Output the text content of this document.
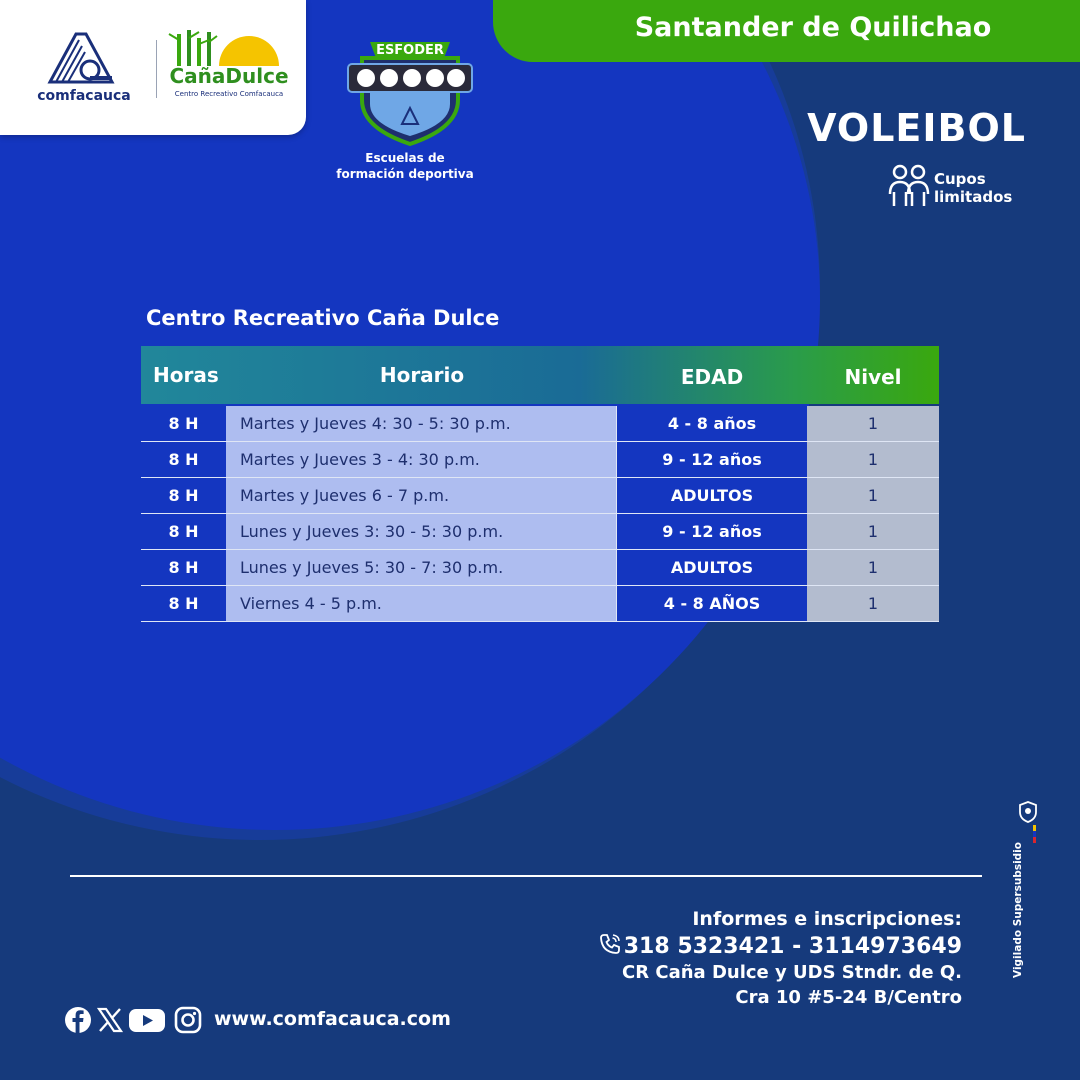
comfacauca
CañaDulce
Centro Recreativo Comfacauca
ESFODER
Escuelas de
formación deportiva
Santander de Quilichao
VOLEIBOL
Cupos
limitados
Centro Recreativo Caña Dulce
Horas	Horario	EDAD	Nivel
8 H	Martes y Jueves 4: 30 - 5: 30 p.m.	4 - 8 años	1
8 H	Martes y Jueves 3 - 4: 30 p.m.	9 - 12 años	1
8 H	Martes y Jueves 6 - 7 p.m.	ADULTOS	1
8 H	Lunes y Jueves 3: 30 - 5: 30 p.m.	9 - 12 años	1
8 H	Lunes y Jueves 5: 30 - 7: 30 p.m.	ADULTOS	1
8 H	Viernes 4 - 5 p.m.	4 - 8 AÑOS	1
Informes e inscripciones:
318 5323421 - 3114973649
CR Caña Dulce y UDS Stndr. de Q.
Cra 10 #5-24 B/Centro
www.comfacauca.com
Vigilado Supersubsidio
